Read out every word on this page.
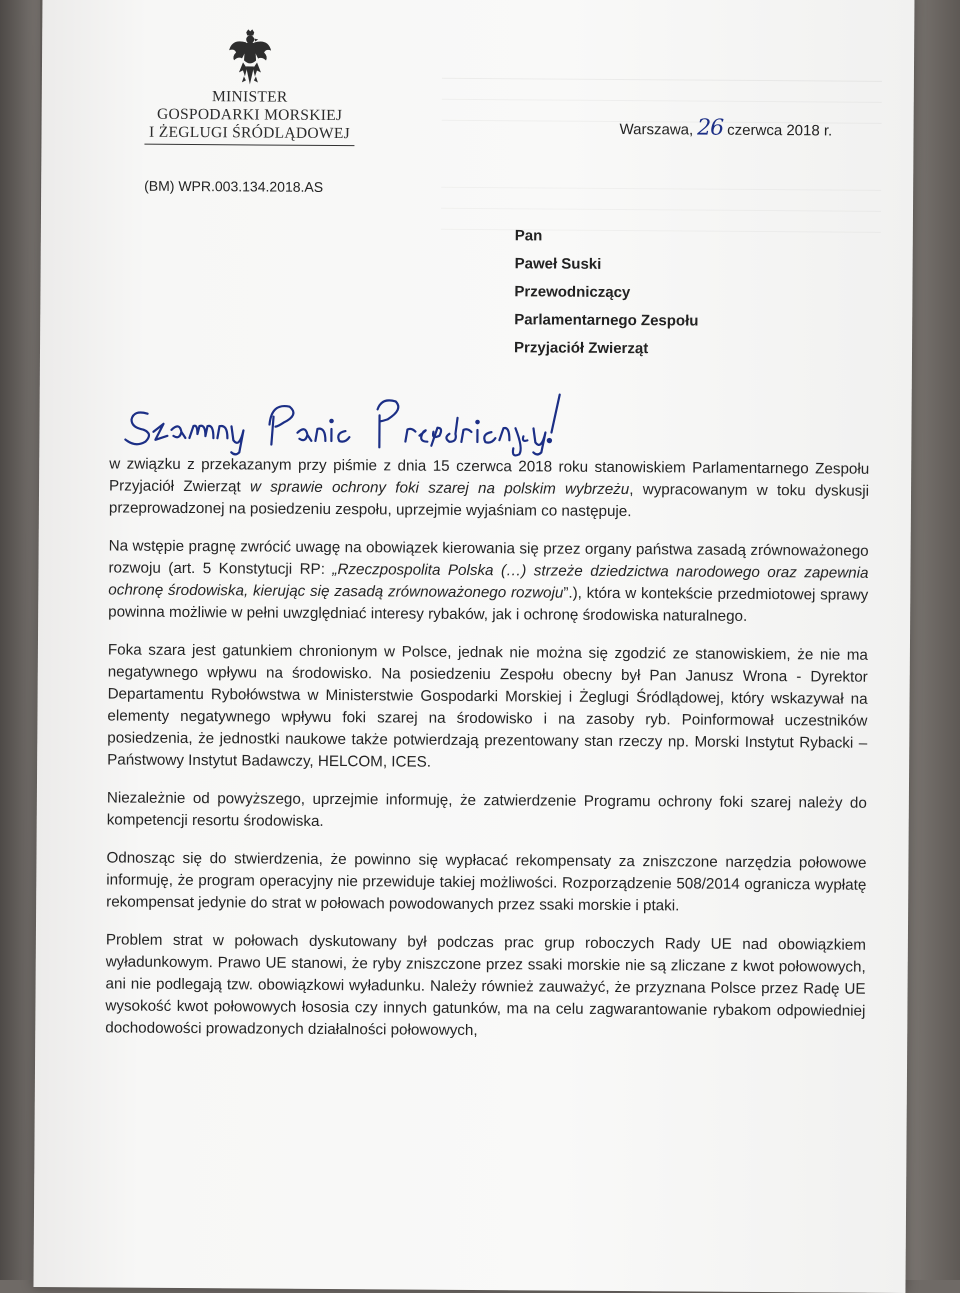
MINISTER
GOSPODARKI MORSKIEJ
I ŻEGLUGI ŚRÓDLĄDOWEJ	Warszawa, 26 czerwca 2018 r.
(BM) WPR.003.134.2018.AS
Pan
Paweł Suski
Przewodniczący
Parlamentarnego Zespołu
Przyjaciół Zwierząt

w związku z przekazanym przy piśmie z dnia 15 czerwca 2018 roku stanowiskiem Parlamentarnego Zespołu Przyjaciół Zwierząt w sprawie ochrony foki szarej na polskim wybrzeżu, wypracowanym w toku dyskusji przeprowadzonej na posiedzeniu zespołu, uprzejmie wyjaśniam co następuje.

Na wstępie pragnę zwrócić uwagę na obowiązek kierowania się przez organy państwa zasadą zrównoważonego rozwoju (art. 5 Konstytucji RP: „Rzeczpospolita Polska (…) strzeże dziedzictwa narodowego oraz zapewnia ochronę środowiska, kierując się zasadą zrównoważonego rozwoju”.), która w kontekście przedmiotowej sprawy powinna możliwie w pełni uwzględniać interesy rybaków, jak i ochronę środowiska naturalnego.

Foka szara jest gatunkiem chronionym w Polsce, jednak nie można się zgodzić ze stanowiskiem, że nie ma negatywnego wpływu na środowisko. Na posiedzeniu Zespołu obecny był Pan Janusz Wrona - Dyrektor Departamentu Rybołówstwa w Ministerstwie Gospodarki Morskiej i Żeglugi Śródlądowej, który wskazywał na elementy negatywnego wpływu foki szarej na środowisko i na zasoby ryb. Poinformował uczestników posiedzenia, że jednostki naukowe także potwierdzają prezentowany stan rzeczy np. Morski Instytut Rybacki – Państwowy Instytut Badawczy, HELCOM, ICES.

Niezależnie od powyższego, uprzejmie informuję, że zatwierdzenie Programu ochrony foki szarej należy do kompetencji resortu środowiska.

Odnosząc się do stwierdzenia, że powinno się wypłacać rekompensaty za zniszczone narzędzia połowowe informuję, że program operacyjny nie przewiduje takiej możliwości. Rozporządzenie 508/2014 ogranicza wypłatę rekompensat jedynie do strat w połowach powodowanych przez ssaki morskie i ptaki.

Problem strat w połowach dyskutowany był podczas prac grup roboczych Rady UE nad obowiązkiem wyładunkowym. Prawo UE stanowi, że ryby zniszczone przez ssaki morskie nie są zliczane z kwot połowowych, ani nie podlegają tzw. obowiązkowi wyładunku. Należy również zauważyć, że przyznana Polsce przez Radę UE wysokość kwot połowowych łososia czy innych gatunków, ma na celu zagwarantowanie rybakom odpowiedniej dochodowości prowadzonych działalności połowowych,
